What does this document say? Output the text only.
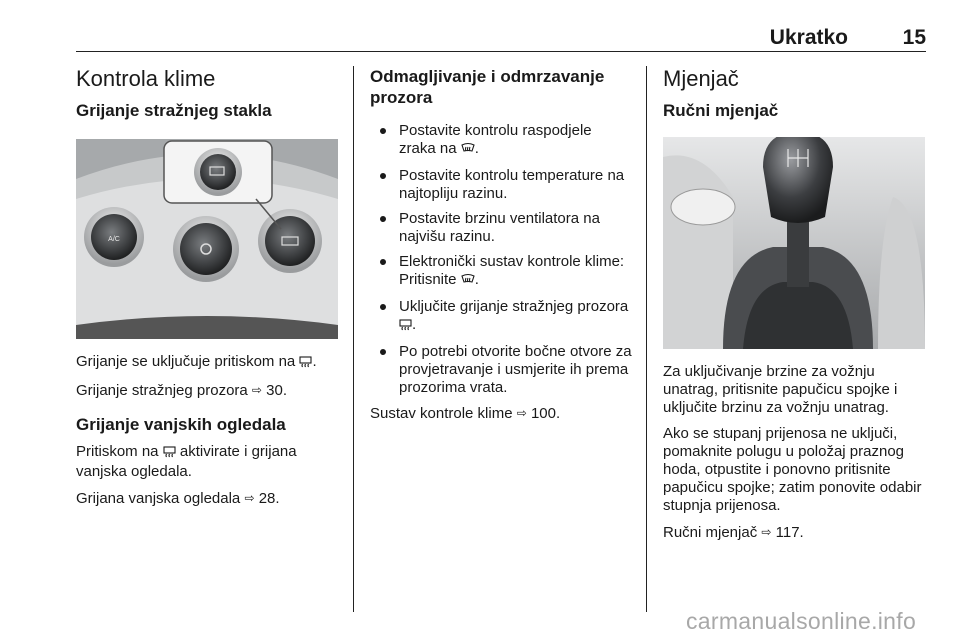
Ukratko	15
Kontrola klime
Grijanje stražnjeg stakla
A/C

Grijanje se uključuje pritiskom na .

Grijanje stražnjeg prozora ⇨ 30.

Grijanje vanjskih ogledala

Pritiskom na aktivirate i grijana vanjska ogledala.

Grijana vanjska ogledala ⇨ 28.

Odmagljivanje i odmrzavanje prozora
Postavite kontrolu raspodjele zraka na .
Postavite kontrolu temperature na najtopliju razinu.
Postavite brzinu ventilatora na najvišu razinu.
Elektronički sustav kontrole klime: Pritisnite .
Uključite grijanje stražnjeg prozora .
Po potrebi otvorite bočne otvore za provjetravanje i usmjerite ih prema prozorima vrata.

Sustav kontrole klime ⇨ 100.

Mjenjač
Ručni mjenjač

Za uključivanje brzine za vožnju unatrag, pritisnite papučicu spojke i uključite brzinu za vožnju unatrag.

Ako se stupanj prijenosa ne uključi, pomaknite polugu u položaj praznog hoda, otpustite i ponovno pritisnite papučicu spojke; zatim ponovite odabir stupnja prijenosa.

Ručni mjenjač ⇨ 117.

carmanualsonline.info
